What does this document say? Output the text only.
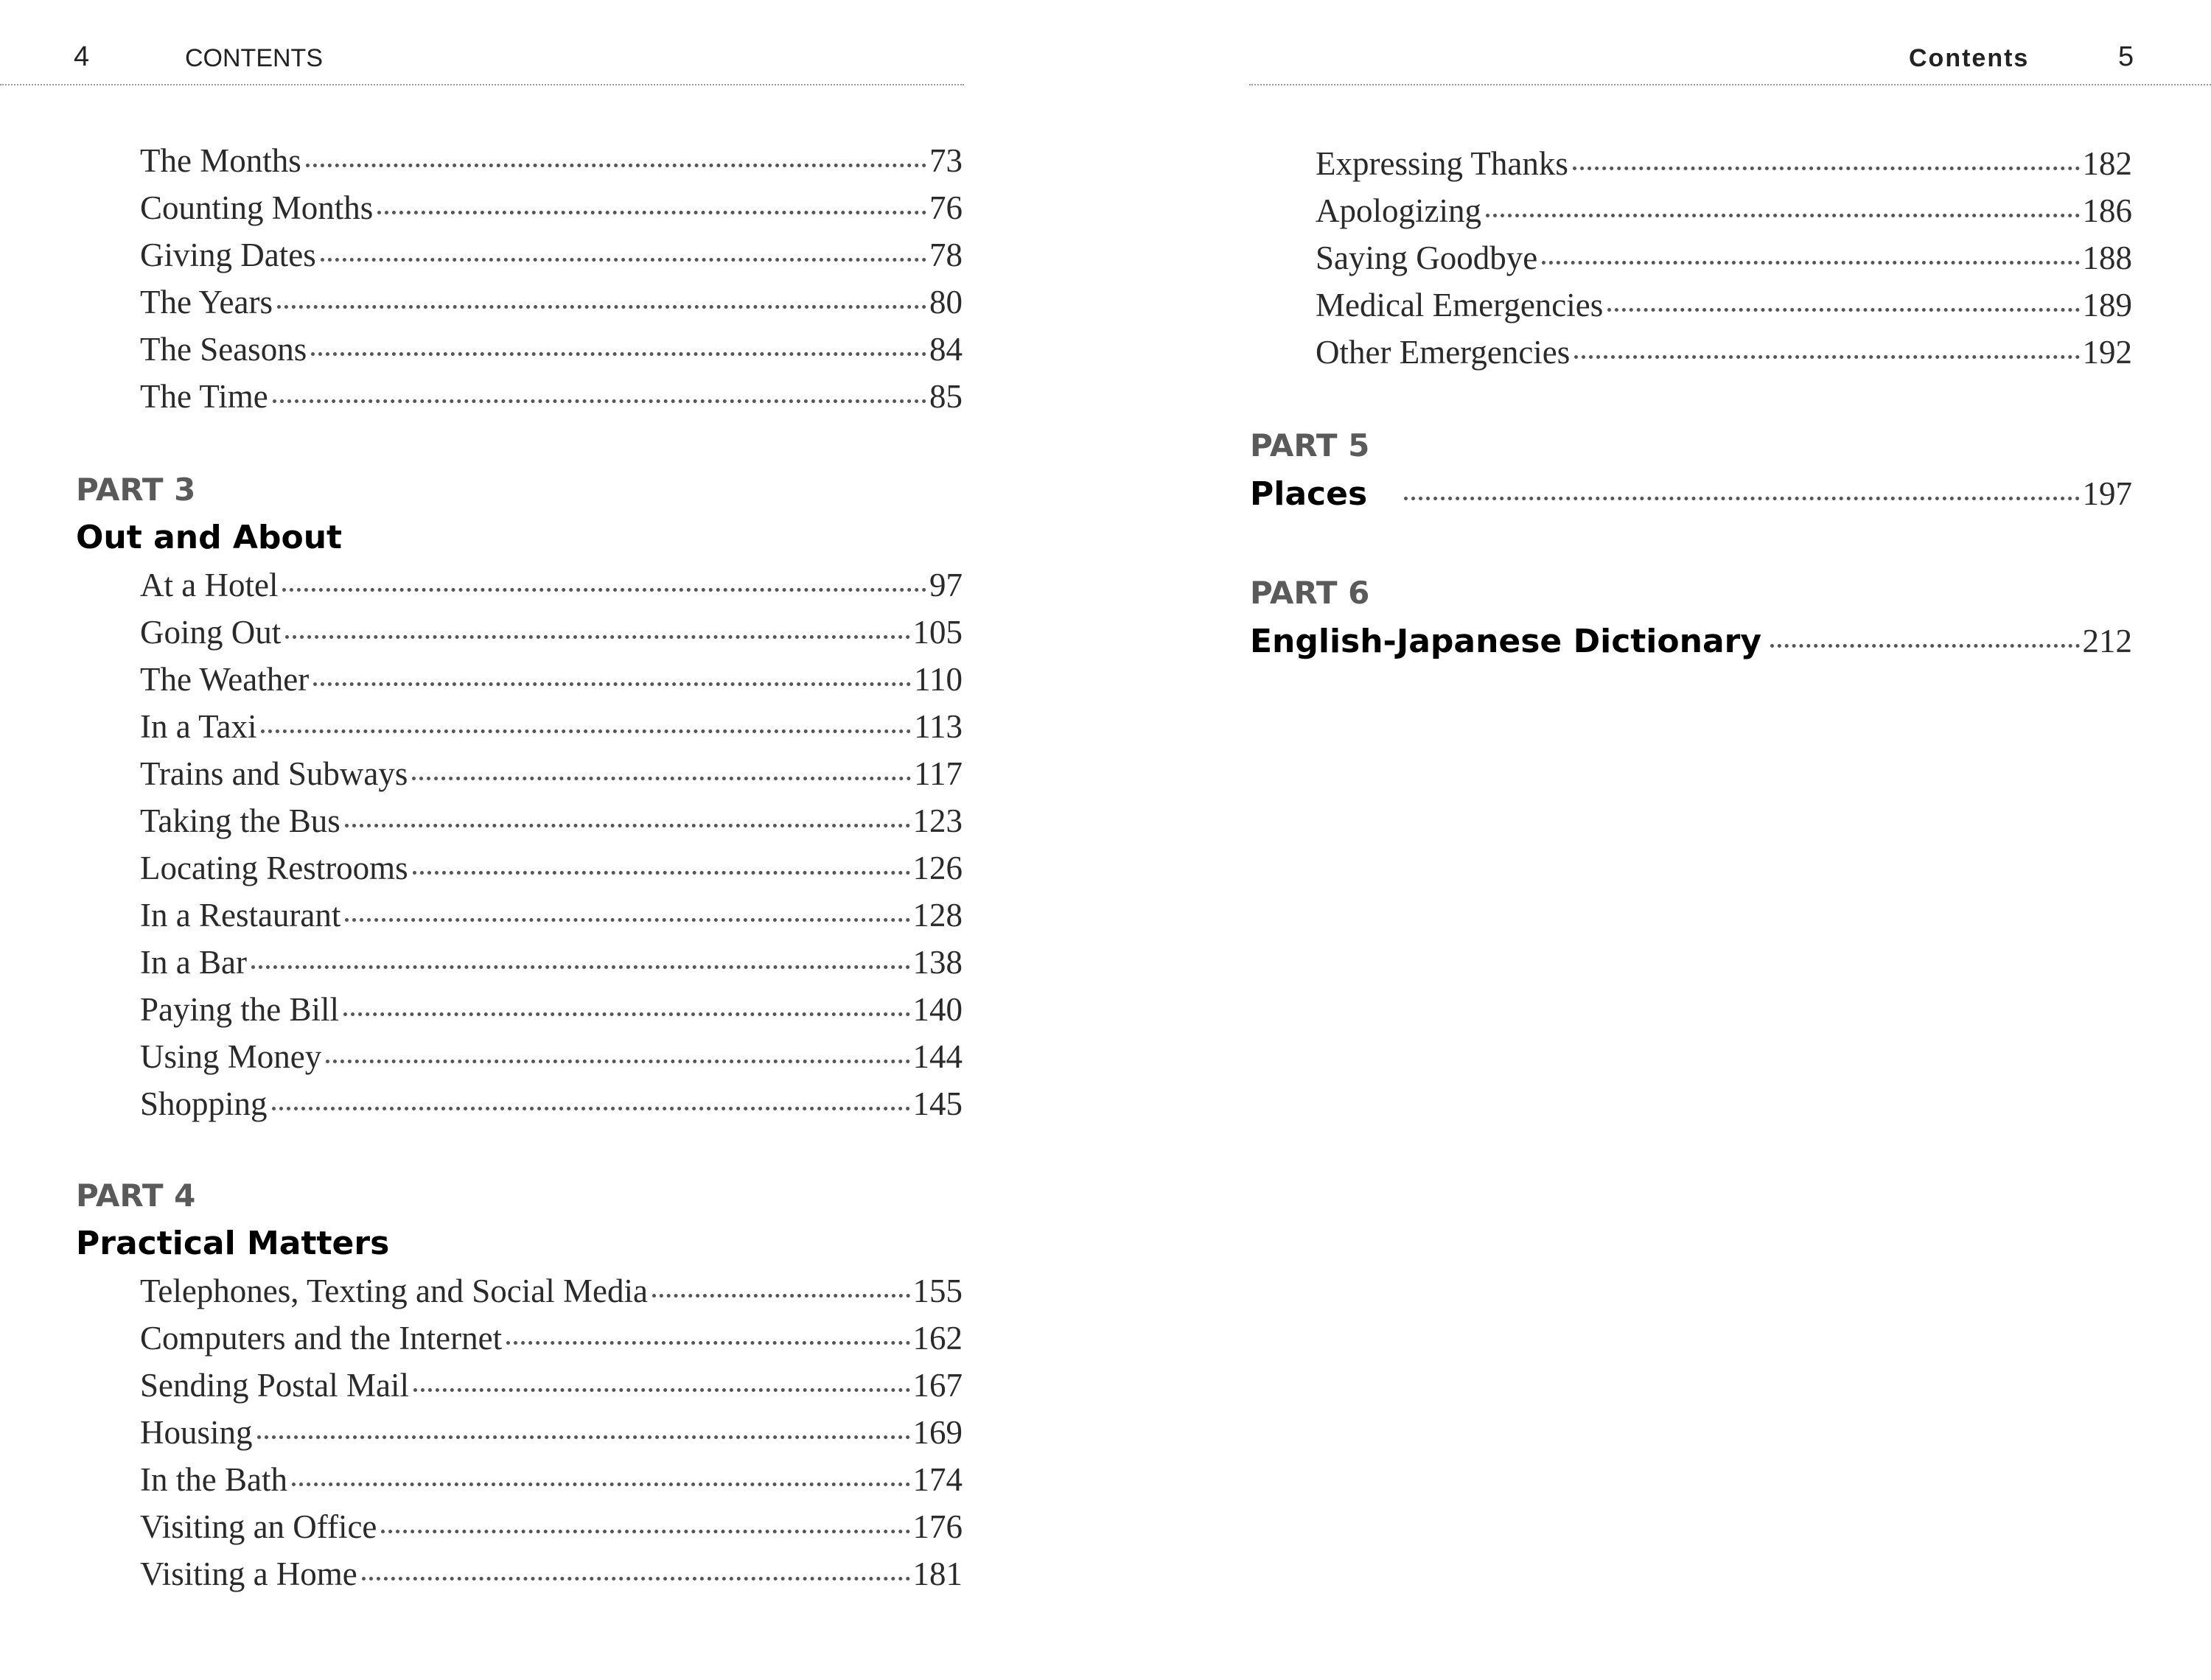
4	CONTENTS
The Months	73
Counting Months	76
Giving Dates	78
The Years	80
The Seasons	84
The Time	85
PART 3
Out and About
At a Hotel	97
Going Out	105
The Weather	110
In a Taxi	113
Trains and Subways	117
Taking the Bus	123
Locating Restrooms	126
In a Restaurant	128
In a Bar	138
Paying the Bill	140
Using Money	144
Shopping	145
PART 4
Practical Matters
Telephones, Texting and Social Media	155
Computers and the Internet	162
Sending Postal Mail	167
Housing	169
In the Bath	174
Visiting an Office	176
Visiting a Home	181
Contents	5
Expressing Thanks	182
Apologizing	186
Saying Goodbye	188
Medical Emergencies	189
Other Emergencies	192
PART 5
Places	197
PART 6
English-Japanese Dictionary	212
